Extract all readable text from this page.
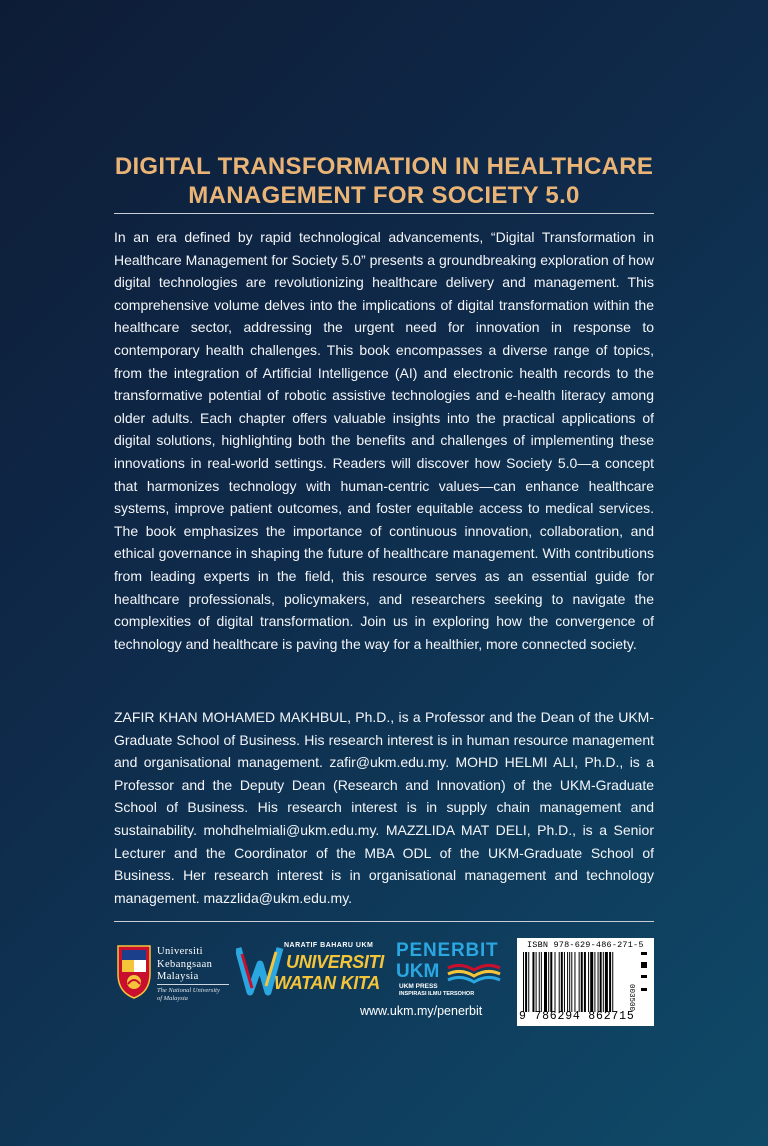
DIGITAL TRANSFORMATION IN HEALTHCARE
MANAGEMENT FOR SOCIETY 5.0

In an era defined by rapid technological advancements, “Digital Transformation in Healthcare Management for Society 5.0” presents a groundbreaking exploration of how digital technologies are revolutionizing healthcare delivery and management. This comprehensive volume delves into the implications of digital transformation within the healthcare sector, addressing the urgent need for innovation in response to contemporary health challenges. This book encompasses a diverse range of topics, from the integration of Artificial Intelligence (AI) and electronic health records to the transformative potential of robotic assistive technologies and e-health literacy among older adults. Each chapter offers valuable insights into the practical applications of digital solutions, highlighting both the benefits and challenges of implementing these innovations in real-world settings. Readers will discover how Society 5.0—a concept that harmonizes technology with human-centric values—can enhance healthcare systems, improve patient outcomes, and foster equitable access to medical services. The book emphasizes the importance of continuous innovation, collaboration, and ethical governance in shaping the future of healthcare management. With contributions from leading experts in the field, this resource serves as an essential guide for healthcare professionals, policymakers, and researchers seeking to navigate the complexities of digital transformation. Join us in exploring how the convergence of technology and healthcare is paving the way for a healthier, more connected society.

ZAFIR KHAN MOHAMED MAKHBUL, Ph.D., is a Professor and the Dean of the UKM-Graduate School of Business. His research interest is in human resource management and organisational management. zafir@ukm.edu.my. MOHD HELMI ALI, Ph.D., is a Professor and the Deputy Dean (Research and Innovation) of the UKM-Graduate School of Business. His research interest is in supply chain management and sustainability. mohdhelmiali@ukm.edu.my. MAZZLIDA MAT DELI, Ph.D., is a Senior Lecturer and the Coordinator of the MBA ODL of the UKM-Graduate School of Business. Her research interest is in organisational management and technology management. mazzlida@ukm.edu.my.

Universiti
Kebangsaan
Malaysia
The National University
of Malaysia
NARATIF BAHARU UKM
UNIVERSITI
WATAN KITA
PENERBIT
UKM
UKM PRESS
INSPIRASI ILMU TERSOHOR
www.ukm.my/penerbit
ISBN 978-629-486-271-5
9 786294 862715
003500
